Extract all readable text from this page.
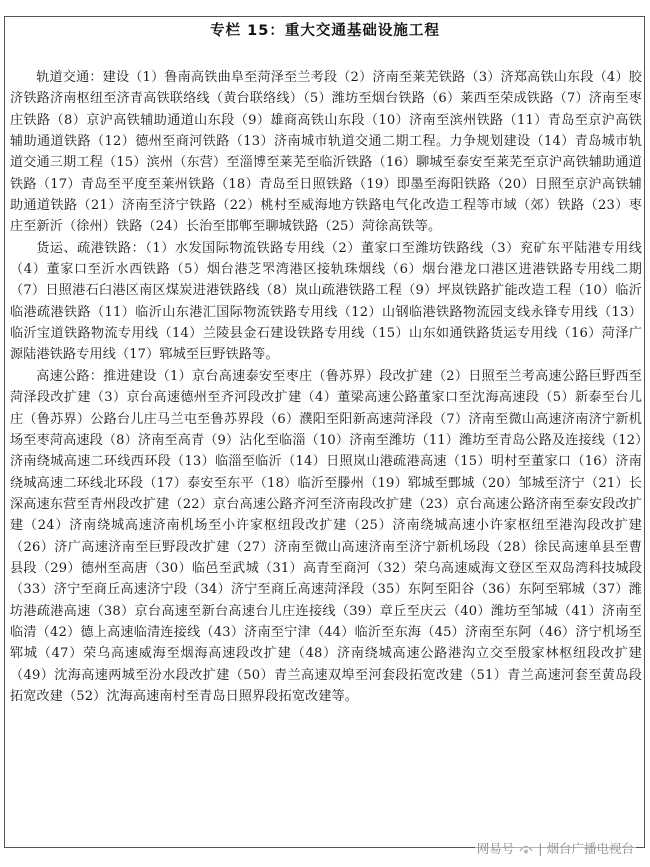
专栏 15：重大交通基础设施工程

轨道交通：建设（1）鲁南高铁曲阜至菏泽至兰考段（2）济南至莱芜铁路（3）济郑高铁山东段（4）胶济铁路济南枢纽至济青高铁联络线（黄台联络线）（5）潍坊至烟台铁路（6）莱西至荣成铁路（7）济南至枣庄铁路（8）京沪高铁辅助通道山东段（9）雄商高铁山东段（10）济南至滨州铁路（11）青岛至京沪高铁辅助通道铁路（12）德州至商河铁路（13）济南城市轨道交通二期工程。力争规划建设（14）青岛城市轨道交通三期工程（15）滨州（东营）至淄博至莱芜至临沂铁路（16）聊城至泰安至莱芜至京沪高铁辅助通道铁路（17）青岛至平度至莱州铁路（18）青岛至日照铁路（19）即墨至海阳铁路（20）日照至京沪高铁辅助通道铁路（21）济南至济宁铁路（22）桃村至威海地方铁路电气化改造工程等市域（郊）铁路（23）枣庄至新沂（徐州）铁路（24）长治至邯郸至聊城铁路（25）菏徐高铁等。

货运、疏港铁路：（1）水发国际物流铁路专用线（2）董家口至潍坊铁路线（3）兖矿东平陆港专用线（4）董家口至沂水西铁路（5）烟台港芝罘湾港区接轨珠烟线（6）烟台港龙口港区进港铁路专用线二期（7）日照港石臼港区南区煤炭进港铁路线（8）岚山疏港铁路工程（9）坪岚铁路扩能改造工程（10）临沂临港疏港铁路（11）临沂山东港汇国际物流铁路专用线（12）山钢临港铁路物流园支线永锋专用线（13）临沂宝道铁路物流专用线（14）兰陵县金石建设铁路专用线（15）山东如通铁路货运专用线（16）菏泽广源陆港铁路专用线（17）郓城至巨野铁路等。

高速公路：推进建设（1）京台高速泰安至枣庄（鲁苏界）段改扩建（2）日照至兰考高速公路巨野西至菏泽段改扩建（3）京台高速德州至齐河段改扩建（4）董梁高速公路董家口至沈海高速段（5）新泰至台儿庄（鲁苏界）公路台儿庄马兰屯至鲁苏界段（6）濮阳至阳新高速菏泽段（7）济南至微山高速济南济宁新机场至枣菏高速段（8）济南至高青（9）沾化至临淄（10）济南至潍坊（11）潍坊至青岛公路及连接线（12）济南绕城高速二环线西环段（13）临淄至临沂（14）日照岚山港疏港高速（15）明村至董家口（16）济南绕城高速二环线北环段（17）泰安至东平（18）临沂至滕州（19）郓城至鄄城（20）邹城至济宁（21）长深高速东营至青州段改扩建（22）京台高速公路齐河至济南段改扩建（23）京台高速公路济南至泰安段改扩建（24）济南绕城高速济南机场至小许家枢纽段改扩建（25）济南绕城高速小许家枢纽至港沟段改扩建（26）济广高速济南至巨野段改扩建（27）济南至微山高速济南至济宁新机场段（28）徐民高速单县至曹县段（29）德州至高唐（30）临邑至武城（31）高青至商河（32）荣乌高速威海文登区至双岛湾科技城段（33）济宁至商丘高速济宁段（34）济宁至商丘高速菏泽段（35）东阿至阳谷（36）东阿至郓城（37）潍坊港疏港高速（38）京台高速至新台高速台儿庄连接线（39）章丘至庆云（40）潍坊至邹城（41）济南至临清（42）德上高速临清连接线（43）济南至宁津（44）临沂至东海（45）济南至东阿（46）济宁机场至郓城（47）荣乌高速威海至烟海高速段改扩建（48）济南绕城高速公路港沟立交至殷家林枢纽段改扩建（49）沈海高速两城至汾水段改扩建（50）青兰高速双埠至河套段拓宽改建（51）青兰高速河套至黄岛段拓宽改建（52）沈海高速南村至青岛日照界段拓宽改建等。

网易号 | 烟台广播电视台
